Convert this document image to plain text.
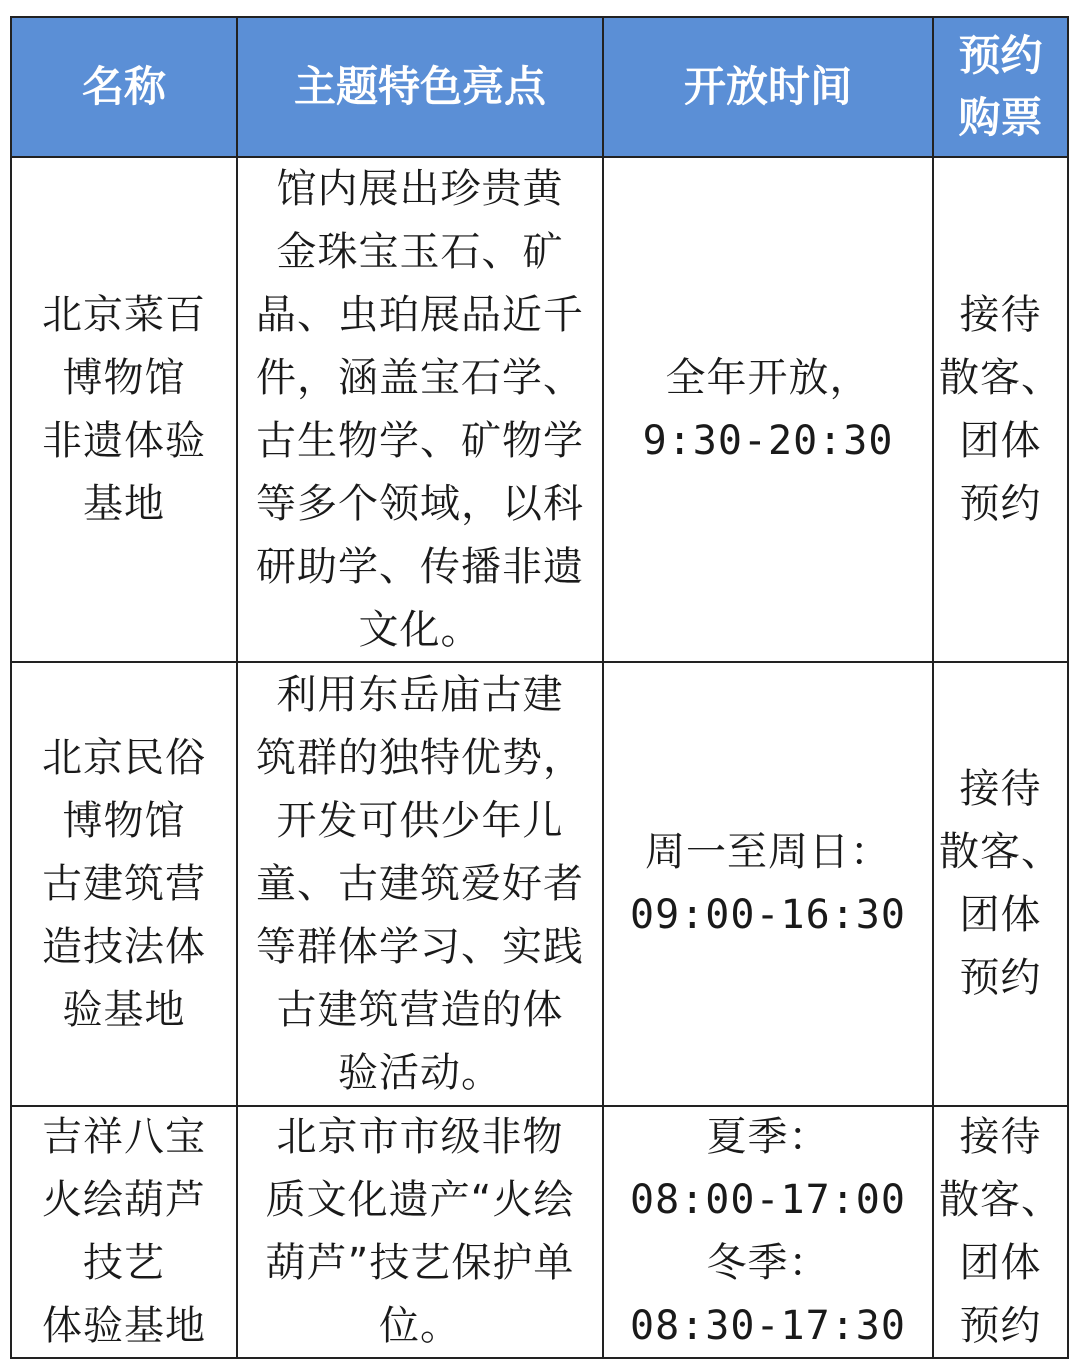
名称	主题特色亮点	开放时间
预约
购票
北京菜百
博物馆
非遗体验
基地
馆内展出珍贵黄
金珠宝玉石、矿
晶、虫珀展品近千
件，涵盖宝石学、
古生物学、矿物学
等多个领域，以科
研助学、传播非遗
文化。
全年开放，
9:30-20:30
接待
散客、
团体
预约
北京民俗
博物馆
古建筑营
造技法体
验基地
利用东岳庙古建
筑群的独特优势，
开发可供少年儿
童、古建筑爱好者
等群体学习、实践
古建筑营造的体
验活动。
周一至周日：
09:00-16:30
接待
散客、
团体
预约
吉祥八宝
火绘葫芦
技艺
体验基地
北京市市级非物
质文化遗产“火绘
葫芦”技艺保护单
位。
夏季：
08:00-17:00
冬季：
08:30-17:30
接待
散客、
团体
预约
